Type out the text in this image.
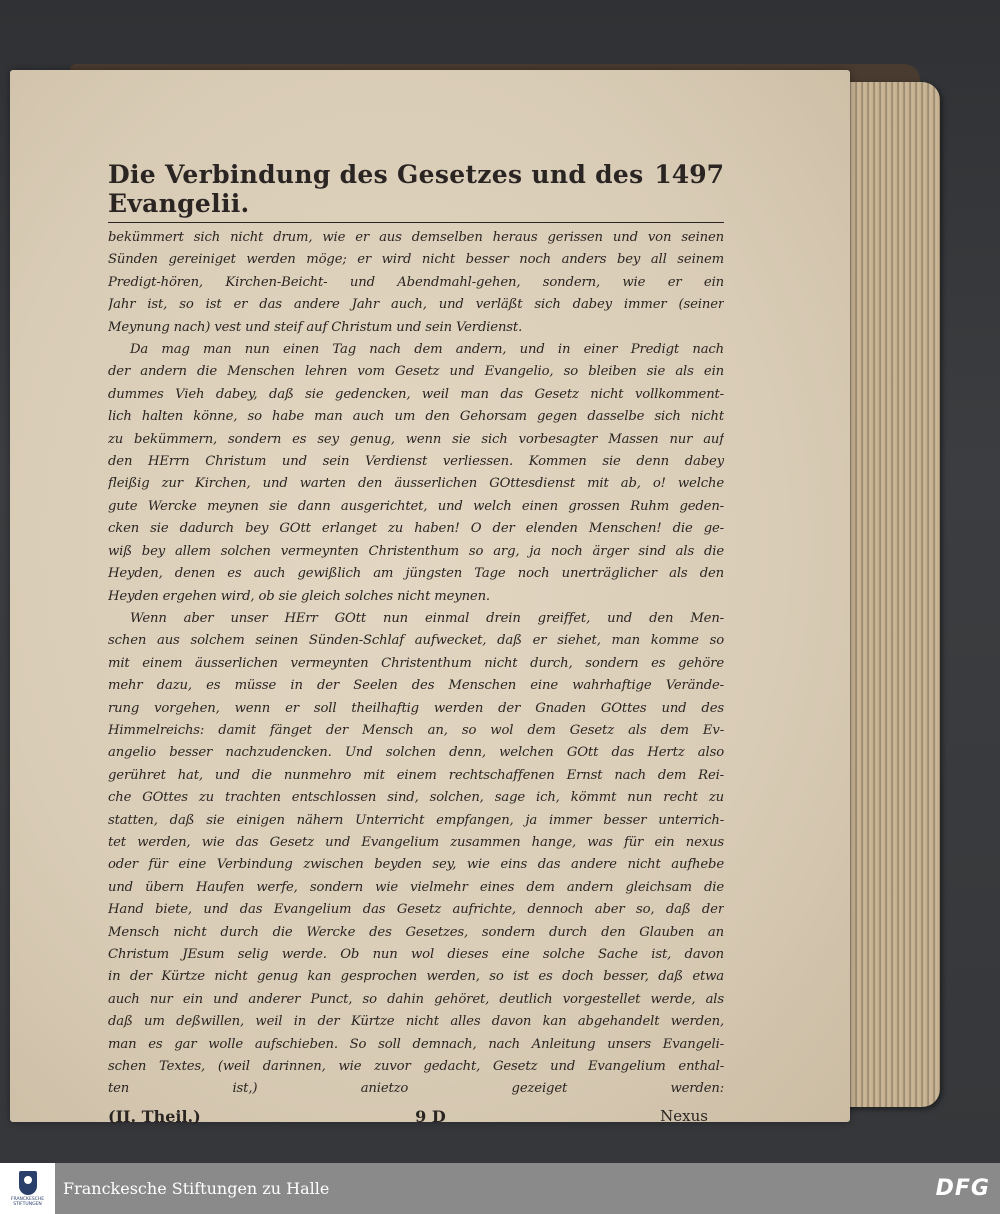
Die Verbindung des Gesetzes und des Evangelii.
1497
bekümmert sich nicht drum, wie er aus demselben heraus gerissen und von seinen
Sünden gereiniget werden möge; er wird nicht besser noch anders bey all seinem
Predigt-hören, Kirchen-Beicht- und Abendmahl-gehen, sondern, wie er ein
Jahr ist, so ist er das andere Jahr auch, und verläßt sich dabey immer (seiner
Meynung nach) vest und steif auf Christum und sein Verdienst.
Da mag man nun einen Tag nach dem andern, und in einer Predigt nach
der andern die Menschen lehren vom Gesetz und Evangelio, so bleiben sie als ein
dummes Vieh dabey, daß sie gedencken, weil man das Gesetz nicht vollkomment-
lich halten könne, so habe man auch um den Gehorsam gegen dasselbe sich nicht
zu bekümmern, sondern es sey genug, wenn sie sich vorbesagter Massen nur auf
den HErrn Christum und sein Verdienst verliessen. Kommen sie denn dabey
fleißig zur Kirchen, und warten den äusserlichen GOttesdienst mit ab, o! welche
gute Wercke meynen sie dann ausgerichtet, und welch einen grossen Ruhm geden-
cken sie dadurch bey GOtt erlanget zu haben! O der elenden Menschen! die ge-
wiß bey allem solchen vermeynten Christenthum so arg, ja noch ärger sind als die
Heyden, denen es auch gewißlich am jüngsten Tage noch unerträglicher als den
Heyden ergehen wird, ob sie gleich solches nicht meynen.
Wenn aber unser HErr GOtt nun einmal drein greiffet, und den Men-
schen aus solchem seinen Sünden-Schlaf aufwecket, daß er siehet, man komme so
mit einem äusserlichen vermeynten Christenthum nicht durch, sondern es gehöre
mehr dazu, es müsse in der Seelen des Menschen eine wahrhaftige Verände-
rung vorgehen, wenn er soll theilhaftig werden der Gnaden GOttes und des
Himmelreichs: damit fänget der Mensch an, so wol dem Gesetz als dem Ev-
angelio besser nachzudencken. Und solchen denn, welchen GOtt das Hertz also
gerühret hat, und die nunmehro mit einem rechtschaffenen Ernst nach dem Rei-
che GOttes zu trachten entschlossen sind, solchen, sage ich, kömmt nun recht zu
statten, daß sie einigen nähern Unterricht empfangen, ja immer besser unterrich-
tet werden, wie das Gesetz und Evangelium zusammen hange, was für ein nexus
oder für eine Verbindung zwischen beyden sey, wie eins das andere nicht aufhebe
und übern Haufen werfe, sondern wie vielmehr eines dem andern gleichsam die
Hand biete, und das Evangelium das Gesetz aufrichte, dennoch aber so, daß der
Mensch nicht durch die Wercke des Gesetzes, sondern durch den Glauben an
Christum JEsum selig werde. Ob nun wol dieses eine solche Sache ist, davon
in der Kürtze nicht genug kan gesprochen werden, so ist es doch besser, daß etwa
auch nur ein und anderer Punct, so dahin gehöret, deutlich vorgestellet werde, als
daß um deßwillen, weil in der Kürtze nicht alles davon kan abgehandelt werden,
man es gar wolle aufschieben. So soll demnach, nach Anleitung unsers Evangeli-
schen Textes, (weil darinnen, wie zuvor gedacht, Gesetz und Evangelium enthal-
ten ist,) anietzo gezeiget werden:
(II. Theil.)	9 D	Nexus
FRANCKESCHE STIFTUNGEN
Franckesche Stiftungen zu Halle	DFG
